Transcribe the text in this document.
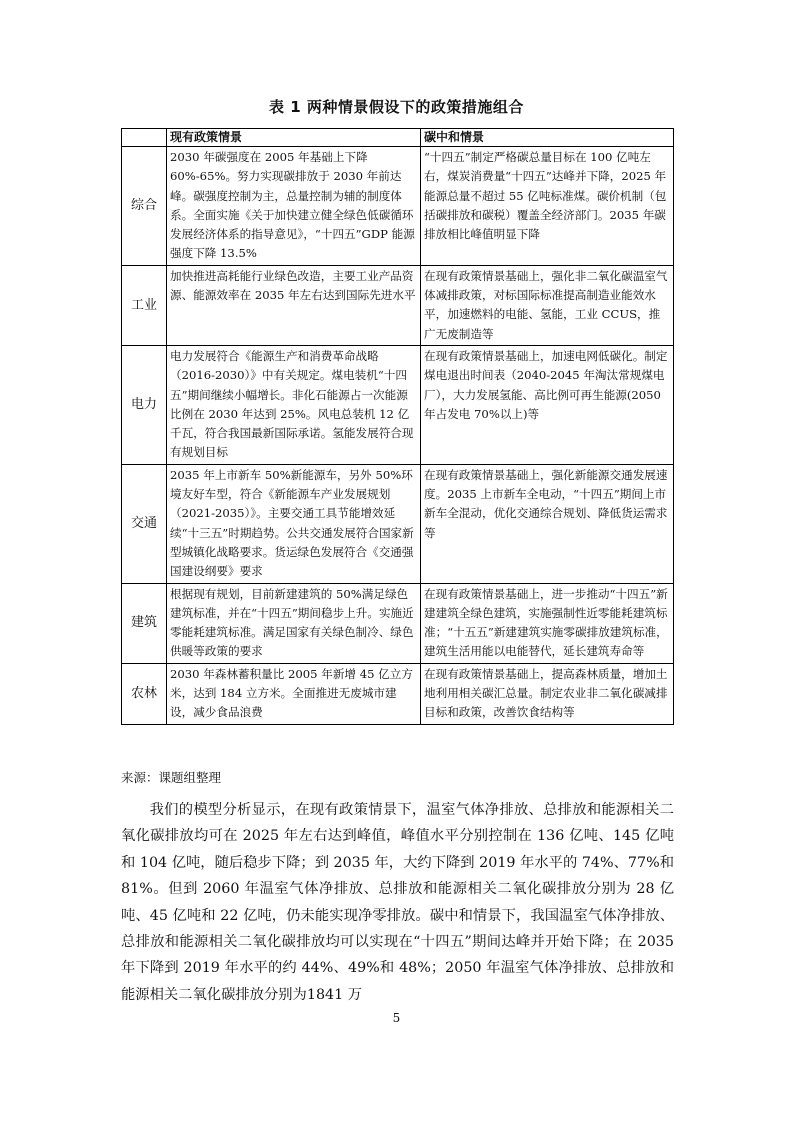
表 1 两种情景假设下的政策措施组合
	现有政策情景	碳中和情景
综合	2030 年碳强度在 2005 年基础上下降 60%-65%。努力实现碳排放于 2030 年前达峰。碳强度控制为主，总量控制为辅的制度体系。全面实施《关于加快建立健全绿色低碳循环发展经济体系的指导意见》，“十四五”GDP 能源强度下降 13.5%	“十四五”制定严格碳总量目标在 100 亿吨左右，煤炭消费量“十四五”达峰并下降，2025 年能源总量不超过 55 亿吨标准煤。碳价机制（包括碳排放和碳税）覆盖全经济部门。2035 年碳排放相比峰值明显下降
工业	加快推进高耗能行业绿色改造，主要工业产品资源、能源效率在 2035 年左右达到国际先进水平	在现有政策情景基础上，强化非二氧化碳温室气体减排政策，对标国际标准提高制造业能效水平，加速燃料的电能、氢能，工业 CCUS，推广无废制造等
电力	电力发展符合《能源生产和消费革命战略（2016-2030）》中有关规定。煤电装机“十四五”期间继续小幅增长。非化石能源占一次能源比例在 2030 年达到 25%。风电总装机 12 亿千瓦，符合我国最新国际承诺。氢能发展符合现有规划目标	在现有政策情景基础上，加速电网低碳化。制定煤电退出时间表（2040-2045 年淘汰常规煤电厂），大力发展氢能、高比例可再生能源(2050 年占发电 70%以上)等
交通	2035 年上市新车 50%新能源车，另外 50%环境友好车型，符合《新能源车产业发展规划（2021-2035）》。主要交通工具节能增效延续“十三五”时期趋势。公共交通发展符合国家新型城镇化战略要求。货运绿色发展符合《交通强国建设纲要》要求	在现有政策情景基础上，强化新能源交通发展速度。2035 上市新车全电动，“十四五”期间上市新车全混动，优化交通综合规划、降低货运需求等
建筑	根据现有规划，目前新建建筑的 50%满足绿色建筑标准，并在“十四五”期间稳步上升。实施近零能耗建筑标准。满足国家有关绿色制冷、绿色供暖等政策的要求	在现有政策情景基础上，进一步推动“十四五”新建建筑全绿色建筑，实施强制性近零能耗建筑标准；“十五五”新建建筑实施零碳排放建筑标准，建筑生活用能以电能替代，延长建筑寿命等
农林	2030 年森林蓄积量比 2005 年新增 45 亿立方米，达到 184 立方米。全面推进无废城市建设，减少食品浪费	在现有政策情景基础上，提高森林质量，增加土地利用相关碳汇总量。制定农业非二氧化碳减排目标和政策，改善饮食结构等
来源：课题组整理

我们的模型分析显示，在现有政策情景下，温室气体净排放、总排放和能源相关二氧化碳排放均可在 2025 年左右达到峰值，峰值水平分别控制在 136 亿吨、145 亿吨和 104 亿吨，随后稳步下降；到 2035 年，大约下降到 2019 年水平的 74%、77%和 81%。但到 2060 年温室气体净排放、总排放和能源相关二氧化碳排放分别为 28 亿吨、45 亿吨和 22 亿吨，仍未能实现净零排放。碳中和情景下，我国温室气体净排放、总排放和能源相关二氧化碳排放均可以实现在“十四五”期间达峰并开始下降；在 2035 年下降到 2019 年水平的约 44%、49%和 48%；2050 年温室气体净排放、总排放和能源相关二氧化碳排放分别为1841 万

5
